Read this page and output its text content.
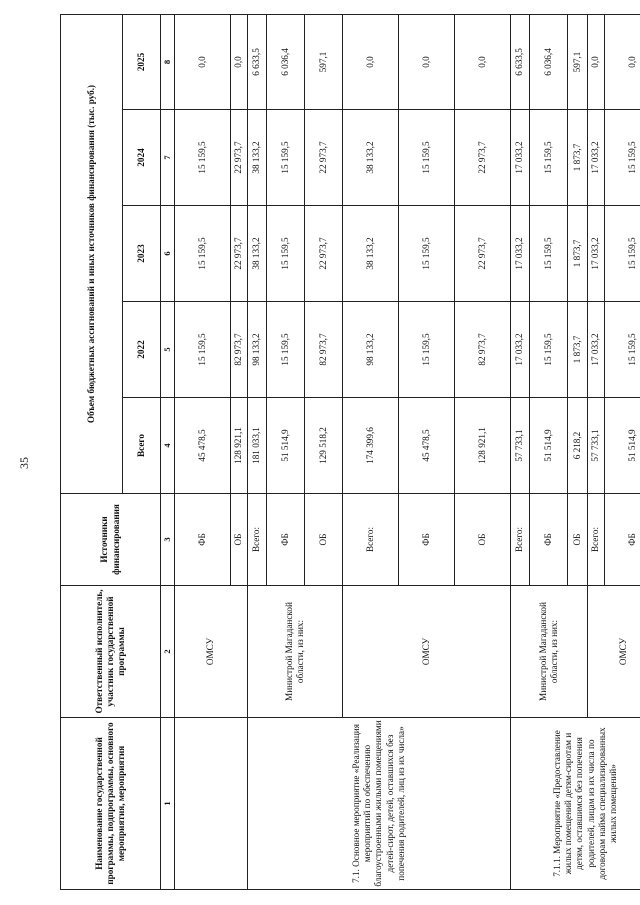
35
Наименование государственной программы, подпрограммы, основного мероприятия, мероприятия	Ответственный исполнитель, участник государственной программы	Источники финансирования	Объем бюджетных ассигнований и иных источников финансирования (тыс. руб.)				
			Всего	2022	2023	2024	2025
1	2	3	4	5	6	7	8
	ОМСУ	ФБ	45 478,5	15 159,5	15 159,5	15 159,5	0,0
		ОБ	128 921,1	82 973,7	22 973,7	22 973,7	0,0
7.1. Основное мероприятие «Реализация мероприятий по обеспечению благоустроенными жилыми помещениями детей-сирот, детей, оставшихся без попечения родителей, лиц из их числа»	Министрой Магаданской области, из них:	Всего:	181 033,1	98 133,2	38 133,2	38 133,2	6 633,5
		ФБ	51 514,9	15 159,5	15 159,5	15 159,5	6 036,4
		ОБ	129 518,2	82 973,7	22 973,7	22 973,7	597,1
	ОМСУ	Всего:	174 399,6	98 133,2	38 133,2	38 133,2	0,0
		ФБ	45 478,5	15 159,5	15 159,5	15 159,5	0,0
		ОБ	128 921,1	82 973,7	22 973,7	22 973,7	0,0
7.1.1. Мероприятие «Предоставление жилых помещений детям-сиротам и детям, оставшимся без попечения родителей, лицам из их числа по договорам найма специализированных жилых помещений»	Министрой Магаданской области, из них:	Всего:	57 733,1	17 033,2	17 033,2	17 033,2	6 633,5
		ФБ	51 514,9	15 159,5	15 159,5	15 159,5	6 036,4
		ОБ	6 218,2	1 873,7	1 873,7	1 873,7	597,1
	ОМСУ	Всего:	57 733,1	17 033,2	17 033,2	17 033,2	0,0
		ФБ	51 514,9	15 159,5	15 159,5	15 159,5	0,0
